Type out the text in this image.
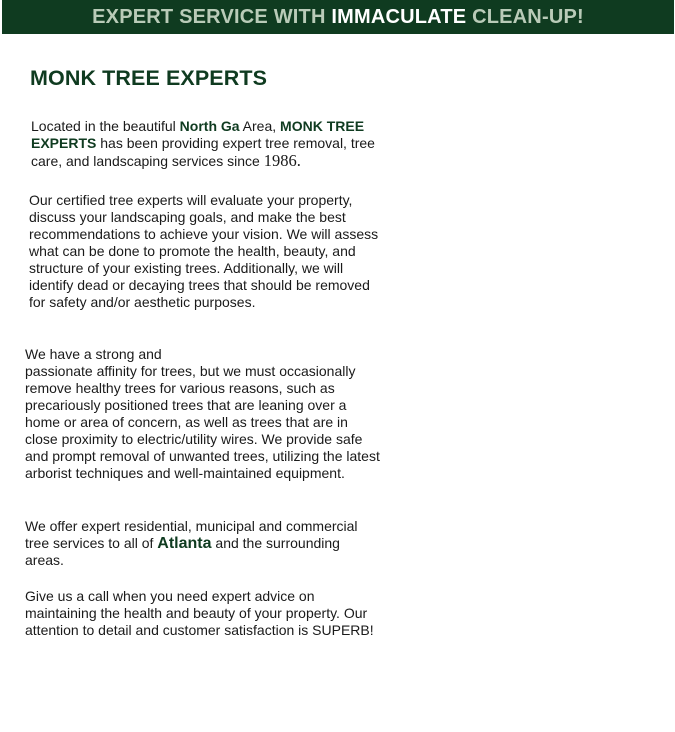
EXPERT SERVICE WITH IMMACULATE CLEAN-UP!
MONK TREE EXPERTS

Located in the beautiful North Ga Area, MONK TREE EXPERTS has been providing expert tree removal, tree care, and landscaping services since 1986.

Our certified tree experts will evaluate your property, discuss your landscaping goals, and make the best recommendations to achieve your vision. We will assess what can be done to promote the health, beauty, and structure of your existing trees. Additionally, we will identify dead or decaying trees that should be removed for safety and/or aesthetic purposes.

We have a strong and
passionate affinity for trees, but we must occasionally remove healthy trees for various reasons, such as precariously positioned trees that are leaning over a home or area of concern, as well as trees that are in close proximity to electric/utility wires. We provide safe and prompt removal of unwanted trees, utilizing the latest arborist techniques and well-maintained equipment.

We offer expert residential, municipal and commercial tree services to all of Atlanta and the surrounding areas.

Give us a call when you need expert advice on maintaining the health and beauty of your property. Our attention to detail and customer satisfaction is SUPERB!
